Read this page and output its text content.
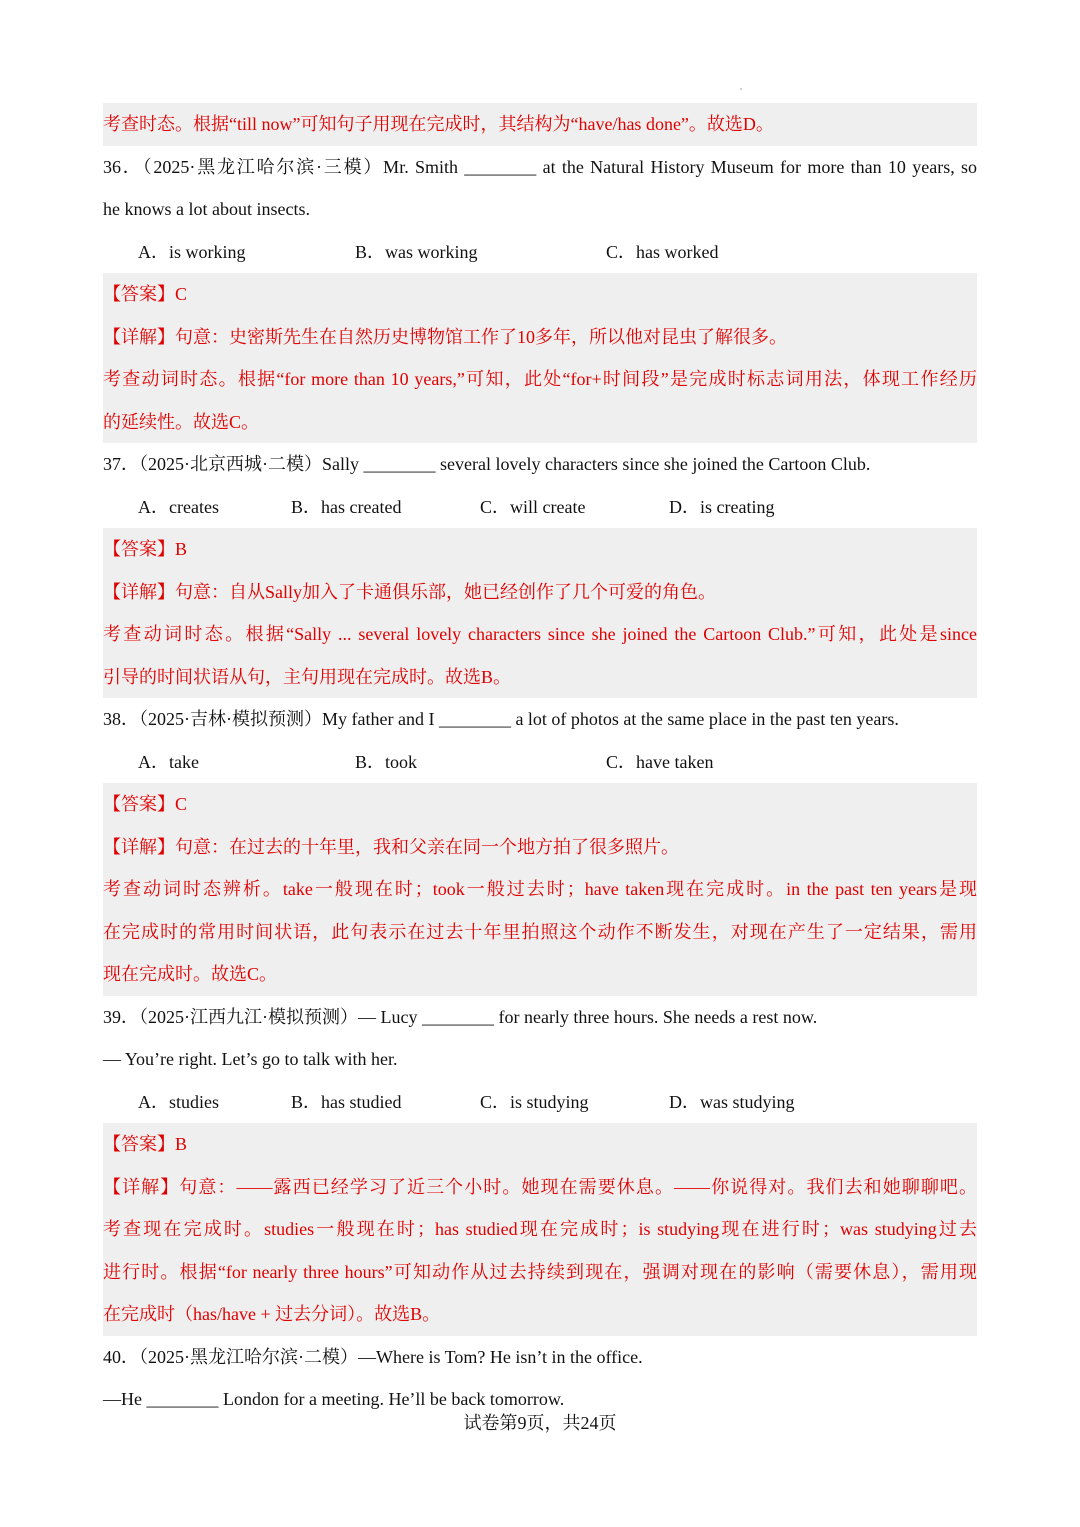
考查时态。根据“till now”可知句子用现在完成时，其结构为“have/has done”。故选D。
36．（2025·黑龙江哈尔滨·三模）Mr. Smith ________ at the Natural History Museum for more than 10 years, so
he knows a lot about insects.
A．is working	B．was working	C．has worked
【答案】C
【详解】句意：史密斯先生在自然历史博物馆工作了10多年，所以他对昆虫了解很多。
考查动词时态。根据“for more than 10 years,”可知，此处“for+时间段”是完成时标志词用法，体现工作经历
的延续性。故选C。
37．（2025·北京西城·二模）Sally ________ several lovely characters since she joined the Cartoon Club.
A．creates	B．has created	C．will create	D．is creating
【答案】B
【详解】句意：自从Sally加入了卡通俱乐部，她已经创作了几个可爱的角色。
考查动词时态。根据“Sally ... several lovely characters since she joined the Cartoon Club.”可知，此处是since
引导的时间状语从句，主句用现在完成时。故选B。
38．（2025·吉林·模拟预测）My father and I ________ a lot of photos at the same place in the past ten years.
A．take	B．took	C．have taken
【答案】C
【详解】句意：在过去的十年里，我和父亲在同一个地方拍了很多照片。
考查动词时态辨析。take一般现在时；took一般过去时；have taken现在完成时。in the past ten years是现
在完成时的常用时间状语，此句表示在过去十年里拍照这个动作不断发生，对现在产生了一定结果，需用
现在完成时。故选C。
39．（2025·江西九江·模拟预测）— Lucy ________ for nearly three hours. She needs a rest now.
— You’re right. Let’s go to talk with her.
A．studies	B．has studied	C．is studying	D．was studying
【答案】B
【详解】句意：——露西已经学习了近三个小时。她现在需要休息。——你说得对。我们去和她聊聊吧。
考查现在完成时。studies一般现在时；has studied现在完成时；is studying现在进行时；was studying过去
进行时。根据“for nearly three hours”可知动作从过去持续到现在，强调对现在的影响（需要休息），需用现
在完成时（has/have + 过去分词）。故选B。
40．（2025·黑龙江哈尔滨·二模）—Where is Tom? He isn’t in the office.
—He ________ London for a meeting. He’ll be back tomorrow.
试卷第9页，共24页
